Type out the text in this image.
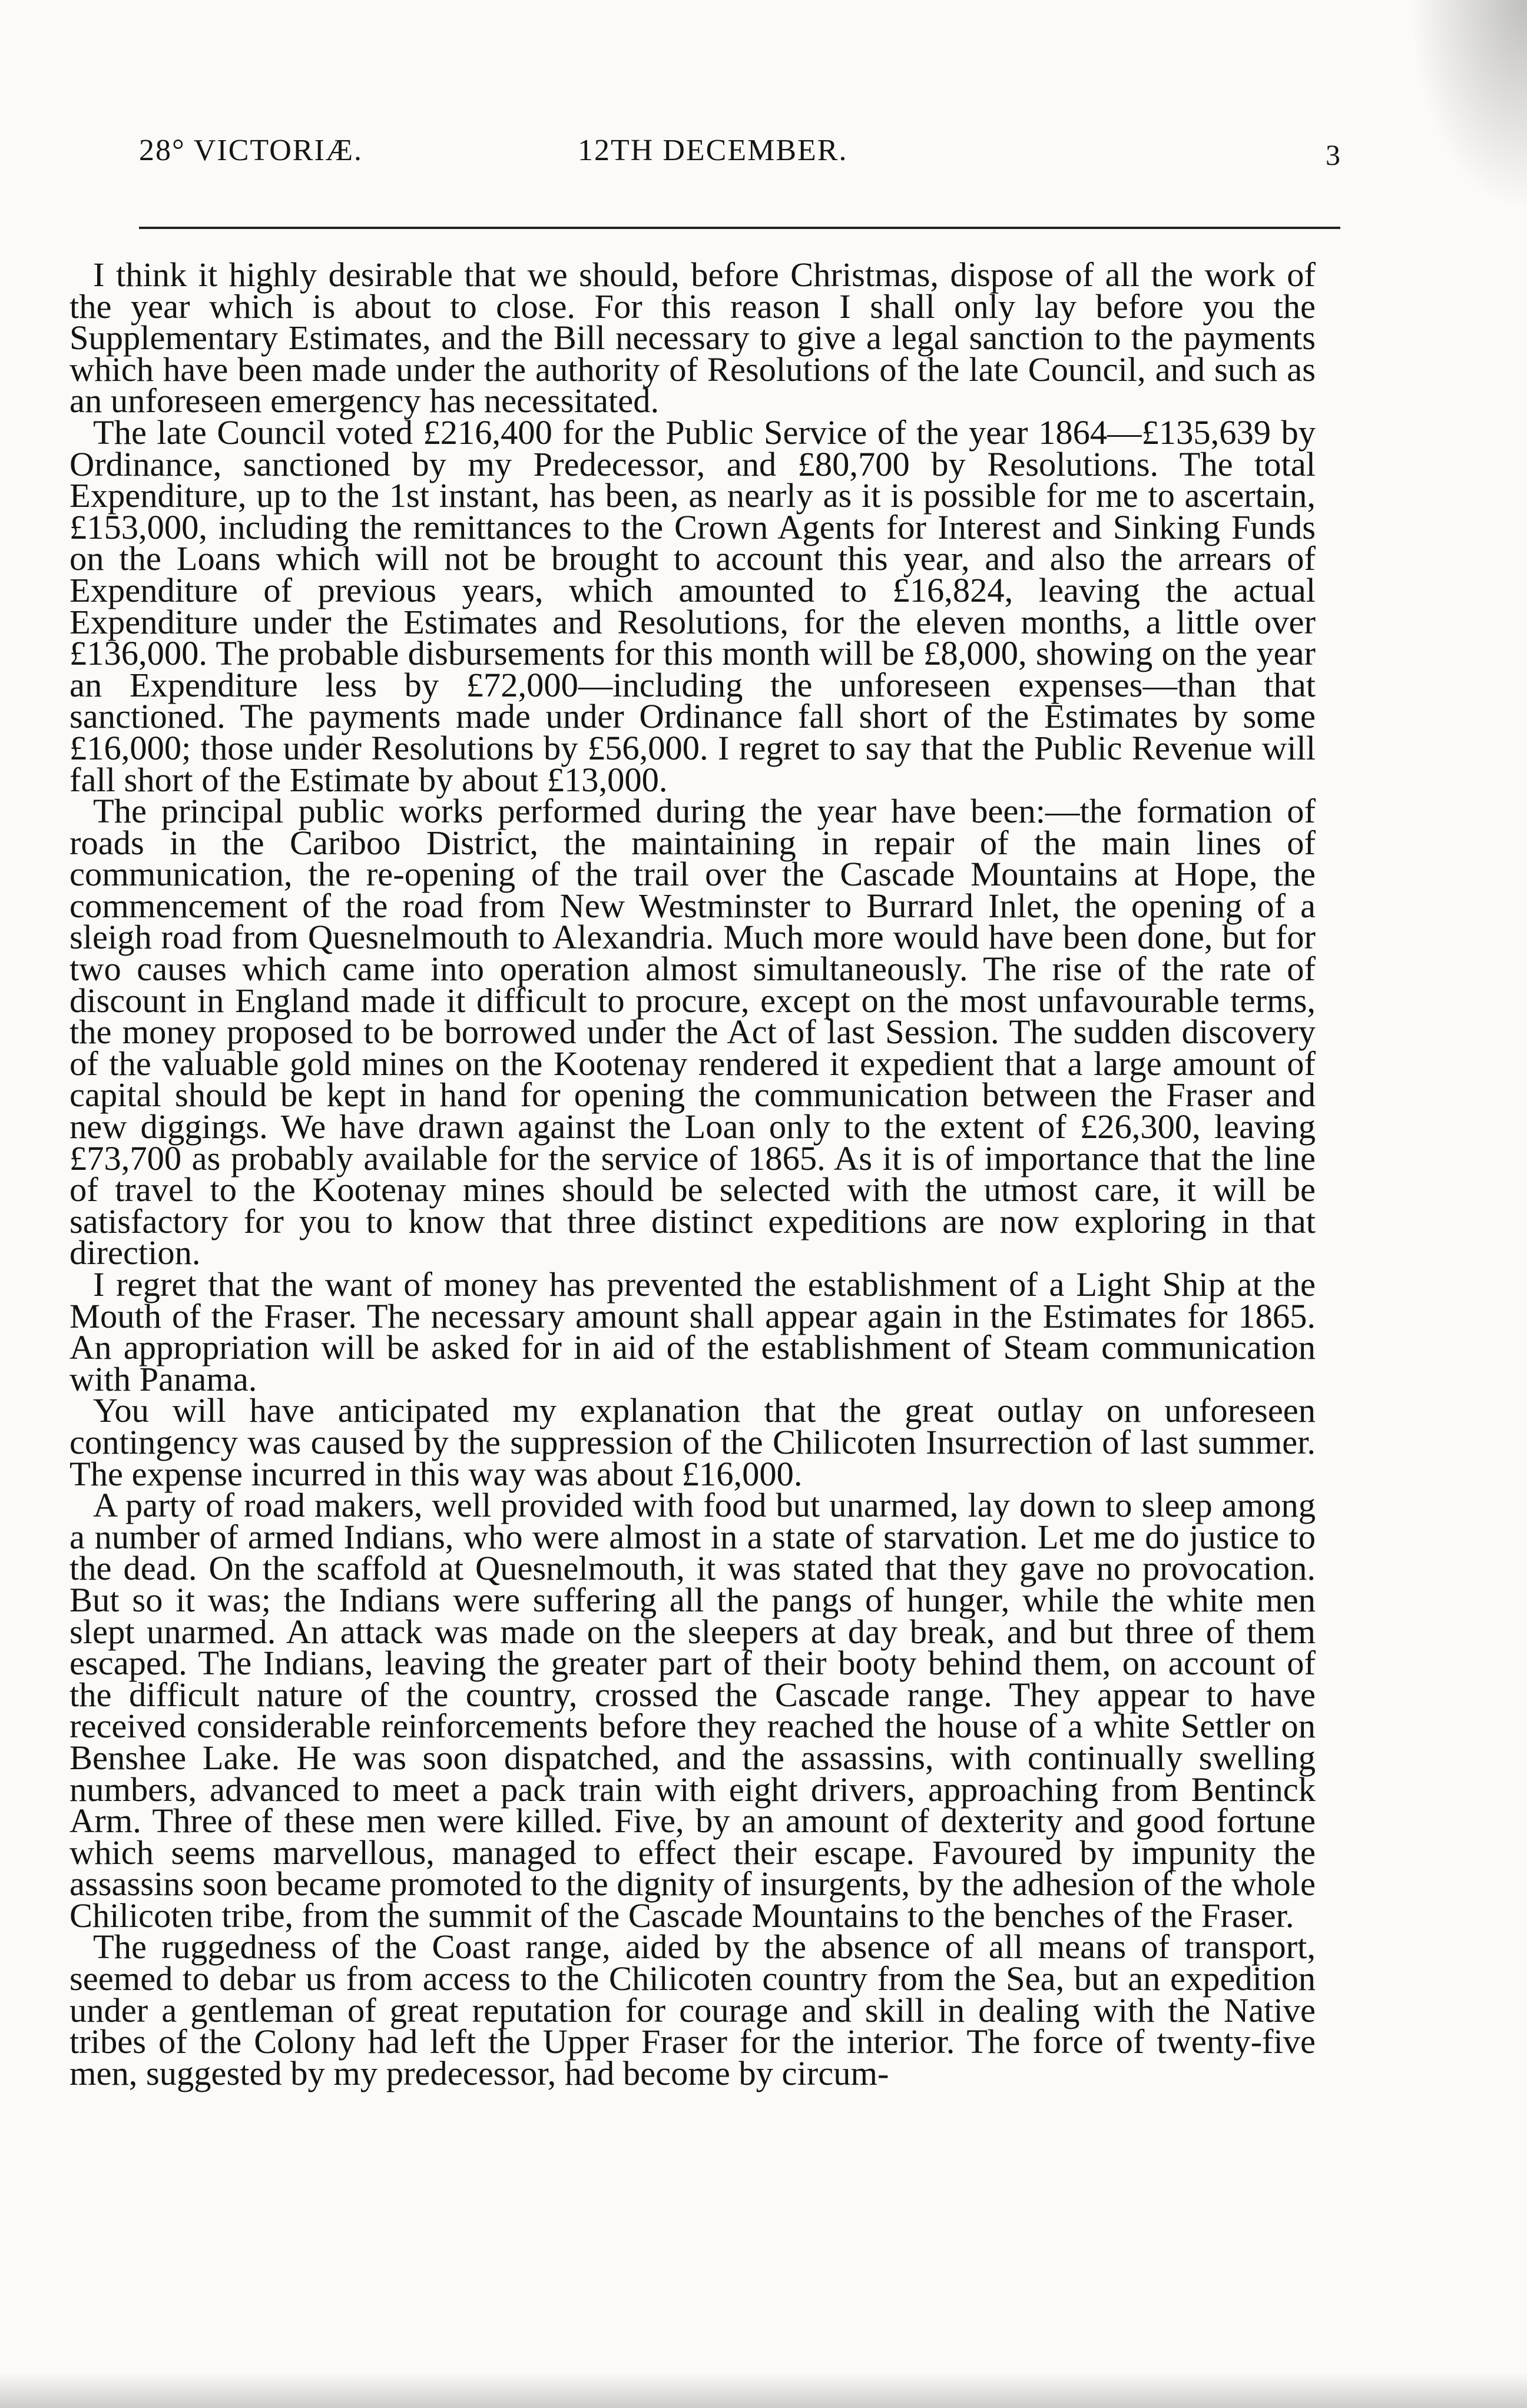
28° VICTORIÆ.	12TH DECEMBER.	3

I think it highly desirable that we should, before Christmas, dispose of all the work of the year which is about to close. For this reason I shall only lay before you the Supplementary Estimates, and the Bill necessary to give a legal sanction to the payments which have been made under the authority of Resolutions of the late Council, and such as an unforeseen emergency has necessitated.

The late Council voted £216,400 for the Public Service of the year 1864—£135,639 by Ordinance, sanctioned by my Predecessor, and £80,700 by Resolutions. The total Expenditure, up to the 1st instant, has been, as nearly as it is possible for me to ascertain, £153,000, including the remittances to the Crown Agents for Interest and Sinking Funds on the Loans which will not be brought to account this year, and also the arrears of Expenditure of previous years, which amounted to £16,824, leaving the actual Expenditure under the Estimates and Resolutions, for the eleven months, a little over £136,000. The probable disbursements for this month will be £8,000, showing on the year an Expenditure less by £72,000—including the unforeseen expenses—than that sanctioned. The payments made under Ordinance fall short of the Estimates by some £16,000; those under Resolutions by £56,000. I regret to say that the Public Revenue will fall short of the Estimate by about £13,000.

The principal public works performed during the year have been:—the formation of roads in the Cariboo District, the maintaining in repair of the main lines of communication, the re-opening of the trail over the Cascade Mountains at Hope, the commencement of the road from New Westminster to Burrard Inlet, the opening of a sleigh road from Quesnelmouth to Alexandria. Much more would have been done, but for two causes which came into operation almost simultaneously. The rise of the rate of discount in England made it difficult to procure, except on the most unfavourable terms, the money proposed to be borrowed under the Act of last Session. The sudden discovery of the valuable gold mines on the Kootenay rendered it expedient that a large amount of capital should be kept in hand for opening the communication between the Fraser and new diggings. We have drawn against the Loan only to the extent of £26,300, leaving £73,700 as probably available for the service of 1865. As it is of importance that the line of travel to the Kootenay mines should be selected with the utmost care, it will be satisfactory for you to know that three distinct expeditions are now exploring in that direction.

I regret that the want of money has prevented the establishment of a Light Ship at the Mouth of the Fraser. The necessary amount shall appear again in the Estimates for 1865. An appropriation will be asked for in aid of the establishment of Steam communication with Panama.

You will have anticipated my explanation that the great outlay on unforeseen contingency was caused by the suppression of the Chilicoten Insurrection of last summer. The expense incurred in this way was about £16,000.

A party of road makers, well provided with food but unarmed, lay down to sleep among a number of armed Indians, who were almost in a state of starvation. Let me do justice to the dead. On the scaffold at Quesnelmouth, it was stated that they gave no provocation. But so it was; the Indians were suffering all the pangs of hunger, while the white men slept unarmed. An attack was made on the sleepers at day break, and but three of them escaped. The Indians, leaving the greater part of their booty behind them, on account of the difficult nature of the country, crossed the Cascade range. They appear to have received considerable reinforcements before they reached the house of a white Settler on Benshee Lake. He was soon dispatched, and the assassins, with continually swelling numbers, advanced to meet a pack train with eight drivers, approaching from Bentinck Arm. Three of these men were killed. Five, by an amount of dexterity and good fortune which seems marvellous, managed to effect their escape. Favoured by impunity the assassins soon became promoted to the dignity of insurgents, by the adhesion of the whole Chilicoten tribe, from the summit of the Cascade Mountains to the benches of the Fraser.

The ruggedness of the Coast range, aided by the absence of all means of transport, seemed to debar us from access to the Chilicoten country from the Sea, but an expedition under a gentleman of great reputation for courage and skill in dealing with the Native tribes of the Colony had left the Upper Fraser for the interior. The force of twenty-five men, suggested by my predecessor, had become by circum-
